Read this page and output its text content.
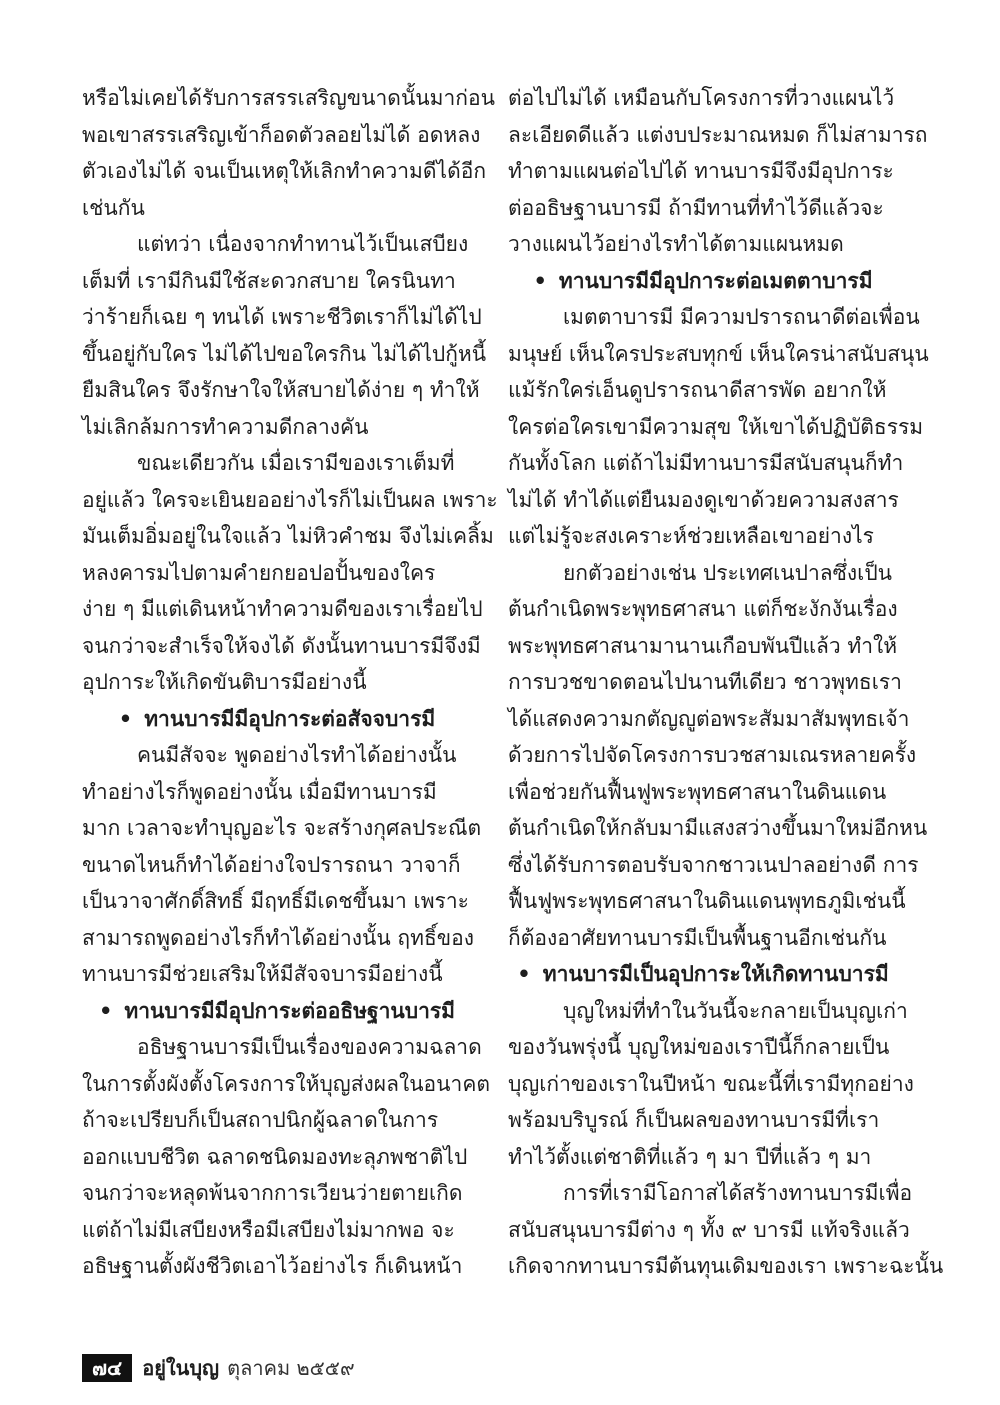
หรือไม่เคยได้รับการสรรเสริญขนาดนั้นมาก่อน
พอเขาสรรเสริญเข้าก็อดตัวลอยไม่ได้ อดหลง
ตัวเองไม่ได้ จนเป็นเหตุให้เลิกทำความดีได้อีก
เช่นกัน
แต่ทว่า เนื่องจากทำทานไว้เป็นเสบียง
เต็มที่ เรามีกินมีใช้สะดวกสบาย ใครนินทา
ว่าร้ายก็เฉย ๆ ทนได้ เพราะชีวิตเราก็ไม่ได้ไป
ขึ้นอยู่กับใคร ไม่ได้ไปขอใครกิน ไม่ได้ไปกู้หนี้
ยืมสินใคร จึงรักษาใจให้สบายได้ง่าย ๆ ทำให้
ไม่เลิกล้มการทำความดีกลางคัน
ขณะเดียวกัน เมื่อเรามีของเราเต็มที่
อยู่แล้ว ใครจะเยินยออย่างไรก็ไม่เป็นผล เพราะ
มันเต็มอิ่มอยู่ในใจแล้ว ไม่หิวคำชม จึงไม่เคลิ้ม
หลงคารมไปตามคำยกยอปอปั้นของใคร
ง่าย ๆ มีแต่เดินหน้าทำความดีของเราเรื่อยไป
จนกว่าจะสำเร็จให้จงได้ ดังนั้นทานบารมีจึงมี
อุปการะให้เกิดขันติบารมีอย่างนี้
• ทานบารมีมีอุปการะต่อสัจจบารมี
คนมีสัจจะ พูดอย่างไรทำได้อย่างนั้น
ทำอย่างไรก็พูดอย่างนั้น เมื่อมีทานบารมี
มาก เวลาจะทำบุญอะไร จะสร้างกุศลประณีต
ขนาดไหนก็ทำได้อย่างใจปรารถนา วาจาก็
เป็นวาจาศักดิ์สิทธิ์ มีฤทธิ์มีเดชขึ้นมา เพราะ
สามารถพูดอย่างไรก็ทำได้อย่างนั้น ฤทธิ์ของ
ทานบารมีช่วยเสริมให้มีสัจจบารมีอย่างนี้
• ทานบารมีมีอุปการะต่ออธิษฐานบารมี
อธิษฐานบารมีเป็นเรื่องของความฉลาด
ในการตั้งผังตั้งโครงการให้บุญส่งผลในอนาคต
ถ้าจะเปรียบก็เป็นสถาปนิกผู้ฉลาดในการ
ออกแบบชีวิต ฉลาดชนิดมองทะลุภพชาติไป
จนกว่าจะหลุดพ้นจากการเวียนว่ายตายเกิด
แต่ถ้าไม่มีเสบียงหรือมีเสบียงไม่มากพอ จะ
อธิษฐานตั้งผังชีวิตเอาไว้อย่างไร ก็เดินหน้า
ต่อไปไม่ได้ เหมือนกับโครงการที่วางแผนไว้
ละเอียดดีแล้ว แต่งบประมาณหมด ก็ไม่สามารถ
ทำตามแผนต่อไปได้ ทานบารมีจึงมีอุปการะ
ต่ออธิษฐานบารมี ถ้ามีทานที่ทำไว้ดีแล้วจะ
วางแผนไว้อย่างไรทำได้ตามแผนหมด
• ทานบารมีมีอุปการะต่อเมตตาบารมี
เมตตาบารมี มีความปรารถนาดีต่อเพื่อน
มนุษย์ เห็นใครประสบทุกข์ เห็นใครน่าสนับสนุน
แม้รักใคร่เอ็นดูปรารถนาดีสารพัด อยากให้
ใครต่อใครเขามีความสุข ให้เขาได้ปฏิบัติธรรม
กันทั้งโลก แต่ถ้าไม่มีทานบารมีสนับสนุนก็ทำ
ไม่ได้ ทำได้แต่ยืนมองดูเขาด้วยความสงสาร
แต่ไม่รู้จะสงเคราะห์ช่วยเหลือเขาอย่างไร
ยกตัวอย่างเช่น ประเทศเนปาลซึ่งเป็น
ต้นกำเนิดพระพุทธศาสนา แต่ก็ชะงักงันเรื่อง
พระพุทธศาสนามานานเกือบพันปีแล้ว ทำให้
การบวชขาดตอนไปนานทีเดียว ชาวพุทธเรา
ได้แสดงความกตัญญูต่อพระสัมมาสัมพุทธเจ้า
ด้วยการไปจัดโครงการบวชสามเณรหลายครั้ง
เพื่อช่วยกันฟื้นฟูพระพุทธศาสนาในดินแดน
ต้นกำเนิดให้กลับมามีแสงสว่างขึ้นมาใหม่อีกหน
ซึ่งได้รับการตอบรับจากชาวเนปาลอย่างดี การ
ฟื้นฟูพระพุทธศาสนาในดินแดนพุทธภูมิเช่นนี้
ก็ต้องอาศัยทานบารมีเป็นพื้นฐานอีกเช่นกัน
• ทานบารมีเป็นอุปการะให้เกิดทานบารมี
บุญใหม่ที่ทำในวันนี้จะกลายเป็นบุญเก่า
ของวันพรุ่งนี้ บุญใหม่ของเราปีนี้ก็กลายเป็น
บุญเก่าของเราในปีหน้า ขณะนี้ที่เรามีทุกอย่าง
พร้อมบริบูรณ์ ก็เป็นผลของทานบารมีที่เรา
ทำไว้ตั้งแต่ชาติที่แล้ว ๆ มา ปีที่แล้ว ๆ มา
การที่เรามีโอกาสได้สร้างทานบารมีเพื่อ
สนับสนุนบารมีต่าง ๆ ทั้ง ๙ บารมี แท้จริงแล้ว
เกิดจากทานบารมีต้นทุนเดิมของเรา เพราะฉะนั้น
๗๔	อยู่ในบุญ ตุลาคม ๒๕๕๙
